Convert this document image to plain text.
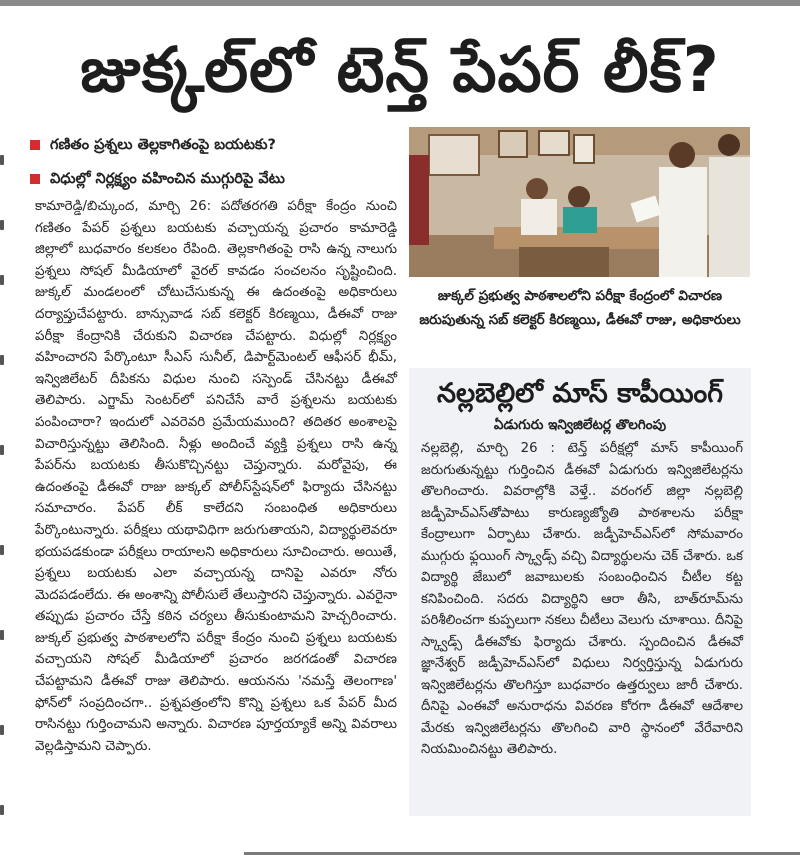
జుక్కల్‌లో టెన్త్ పేపర్ లీక్?
గణితం ప్రశ్నలు తెల్లకాగితంపై బయటకు?
విధుల్లో నిర్లక్ష్యం వహించిన ముగ్గురిపై వేటు
కామారెడ్డి/బిచ్కుంద, మార్చి 26: పదోతరగతి పరీక్షా కేంద్రం నుంచి గణితం పేపర్ ప్రశ్నలు బయటకు వచ్చాయన్న ప్రచారం కామారెడ్డి జిల్లాలో బుధవారం కలకలం రేపింది. తెల్లకాగితంపై రాసి ఉన్న నాలుగు ప్రశ్నలు సోషల్ మీడియాలో వైరల్ కావడం సంచలనం సృష్టించింది. జుక్కల్ మండలంలో చోటుచేసుకున్న ఈ ఉదంతంపై అధికారులు దర్యాప్తుచేపట్టారు. బాన్సువాడ సబ్ కలెక్టర్ కిరణ్మయి, డీఈవో రాజు పరీక్షా కేంద్రానికి చేరుకుని విచారణ చేపట్టారు. విధుల్లో నిర్లక్ష్యం వహించారని పేర్కొంటూ సీఎస్ సునీల్, డిపార్ట్‌మెంటల్ ఆఫీసర్ భీమ్, ఇన్విజిలేటర్ దీపికను విధుల నుంచి సస్పెండ్ చేసినట్టు డీఈవో తెలిపారు. ఎగ్జామ్ సెంటర్‌లో పనిచేసే వారే ప్రశ్నలను బయటకు పంపించారా? ఇందులో ఎవరెవరి ప్రమేయముంది? తదితర అంశాలపై విచారిస్తున్నట్టు తెలిసింది. నీళ్లు అందించే వ్యక్తి ప్రశ్నలు రాసి ఉన్న పేపర్‌ను బయటకు తీసుకొచ్చినట్టు చెప్తున్నారు. మరోవైపు, ఈ ఉదంతంపై డీఈవో రాజు జుక్కల్ పోలీస్‌స్టేషన్‌లో ఫిర్యాదు చేసినట్టు సమాచారం. పేపర్ లీక్ కాలేదని సంబంధిత అధికారులు పేర్కొంటున్నారు. పరీక్షలు యథావిధిగా జరుగుతాయని, విద్యార్థులెవరూ భయపడకుండా పరీక్షలు రాయాలని అధికారులు సూచించారు. అయితే, ప్రశ్నలు బయటకు ఎలా వచ్చాయన్న దానిపై ఎవరూ నోరు మెదపడంలేదు. ఈ అంశాన్ని పోలీసులే తేలుస్తారని చెప్తున్నారు. ఎవరైనా తప్పుడు ప్రచారం చేస్తే కఠిన చర్యలు తీసుకుంటామని హెచ్చరించారు. జుక్కల్ ప్రభుత్వ పాఠశాలలోని పరీక్షా కేంద్రం నుంచి ప్రశ్నలు బయటకు వచ్చాయని సోషల్ మీడియాలో ప్రచారం జరగడంతో విచారణ చేపట్టామని డీఈవో రాజు తెలిపారు. ఆయనను 'నమస్తే తెలంగాణ' ఫోన్‌లో సంప్రదించగా.. ప్రశ్నపత్రంలోని కొన్ని ప్రశ్నలు ఒక పేపర్ మీద రాసినట్టు గుర్తించామని అన్నారు. విచారణ పూర్తయ్యాకే అన్ని వివరాలు వెల్లడిస్తామని చెప్పారు.
జుక్కల్ ప్రభుత్వ పాఠశాలలోని పరీక్షా కేంద్రంలో విచారణ జరుపుతున్న సబ్ కలెక్టర్ కిరణ్మయి, డీఈవో రాజు, అధికారులు
నల్లబెల్లిలో మాస్ కాపీయింగ్
ఏడుగురు ఇన్విజిలేటర్ల తొలగింపు
నల్లబెల్లి, మార్చి 26 : టెన్త్ పరీక్షల్లో మాస్ కాపీయింగ్ జరుగుతున్నట్టు గుర్తించిన డీఈవో ఏడుగురు ఇన్విజిలేటర్లను తొలగించారు. వివరాల్లోకి వెళ్తే.. వరంగల్ జిల్లా నల్లబెల్లి జడ్పీహెచ్‌ఎస్‌తోపాటు కారుణ్యజ్యోతి పాఠశాలను పరీక్షా కేంద్రాలుగా ఏర్పాటు చేశారు. జడ్పీహెచ్‌ఎస్‌లో సోమవారం ముగ్గురు ఫ్లయింగ్ స్క్వాడ్స్ వచ్చి విద్యార్థులను చెక్ చేశారు. ఒక విద్యార్థి జేబులో జవాబులకు సంబంధించిన చీటీల కట్ట కనిపించింది. సదరు విద్యార్థిని ఆరా తీసి, బాత్‌రూమ్‌ను పరిశీలించగా కుప్పలుగా నకలు చీటీలు వెలుగు చూశాయి. దీనిపై స్క్వాడ్స్ డీఈవోకు ఫిర్యాదు చేశారు. స్పందించిన డీఈవో జ్ఞానేశ్వర్ జడ్పీహెచ్‌ఎస్‌లో విధులు నిర్వర్తిస్తున్న ఏడుగురు ఇన్విజిలేటర్లను తొలగిస్తూ బుధవారం ఉత్తర్వులు జారీ చేశారు. దీనిపై ఎంఈవో అనురాధను వివరణ కోరగా డీఈవో ఆదేశాల మేరకు ఇన్విజిలేటర్లను తొలగించి వారి స్థానంలో వేరేవారిని నియమించినట్టు తెలిపారు.
